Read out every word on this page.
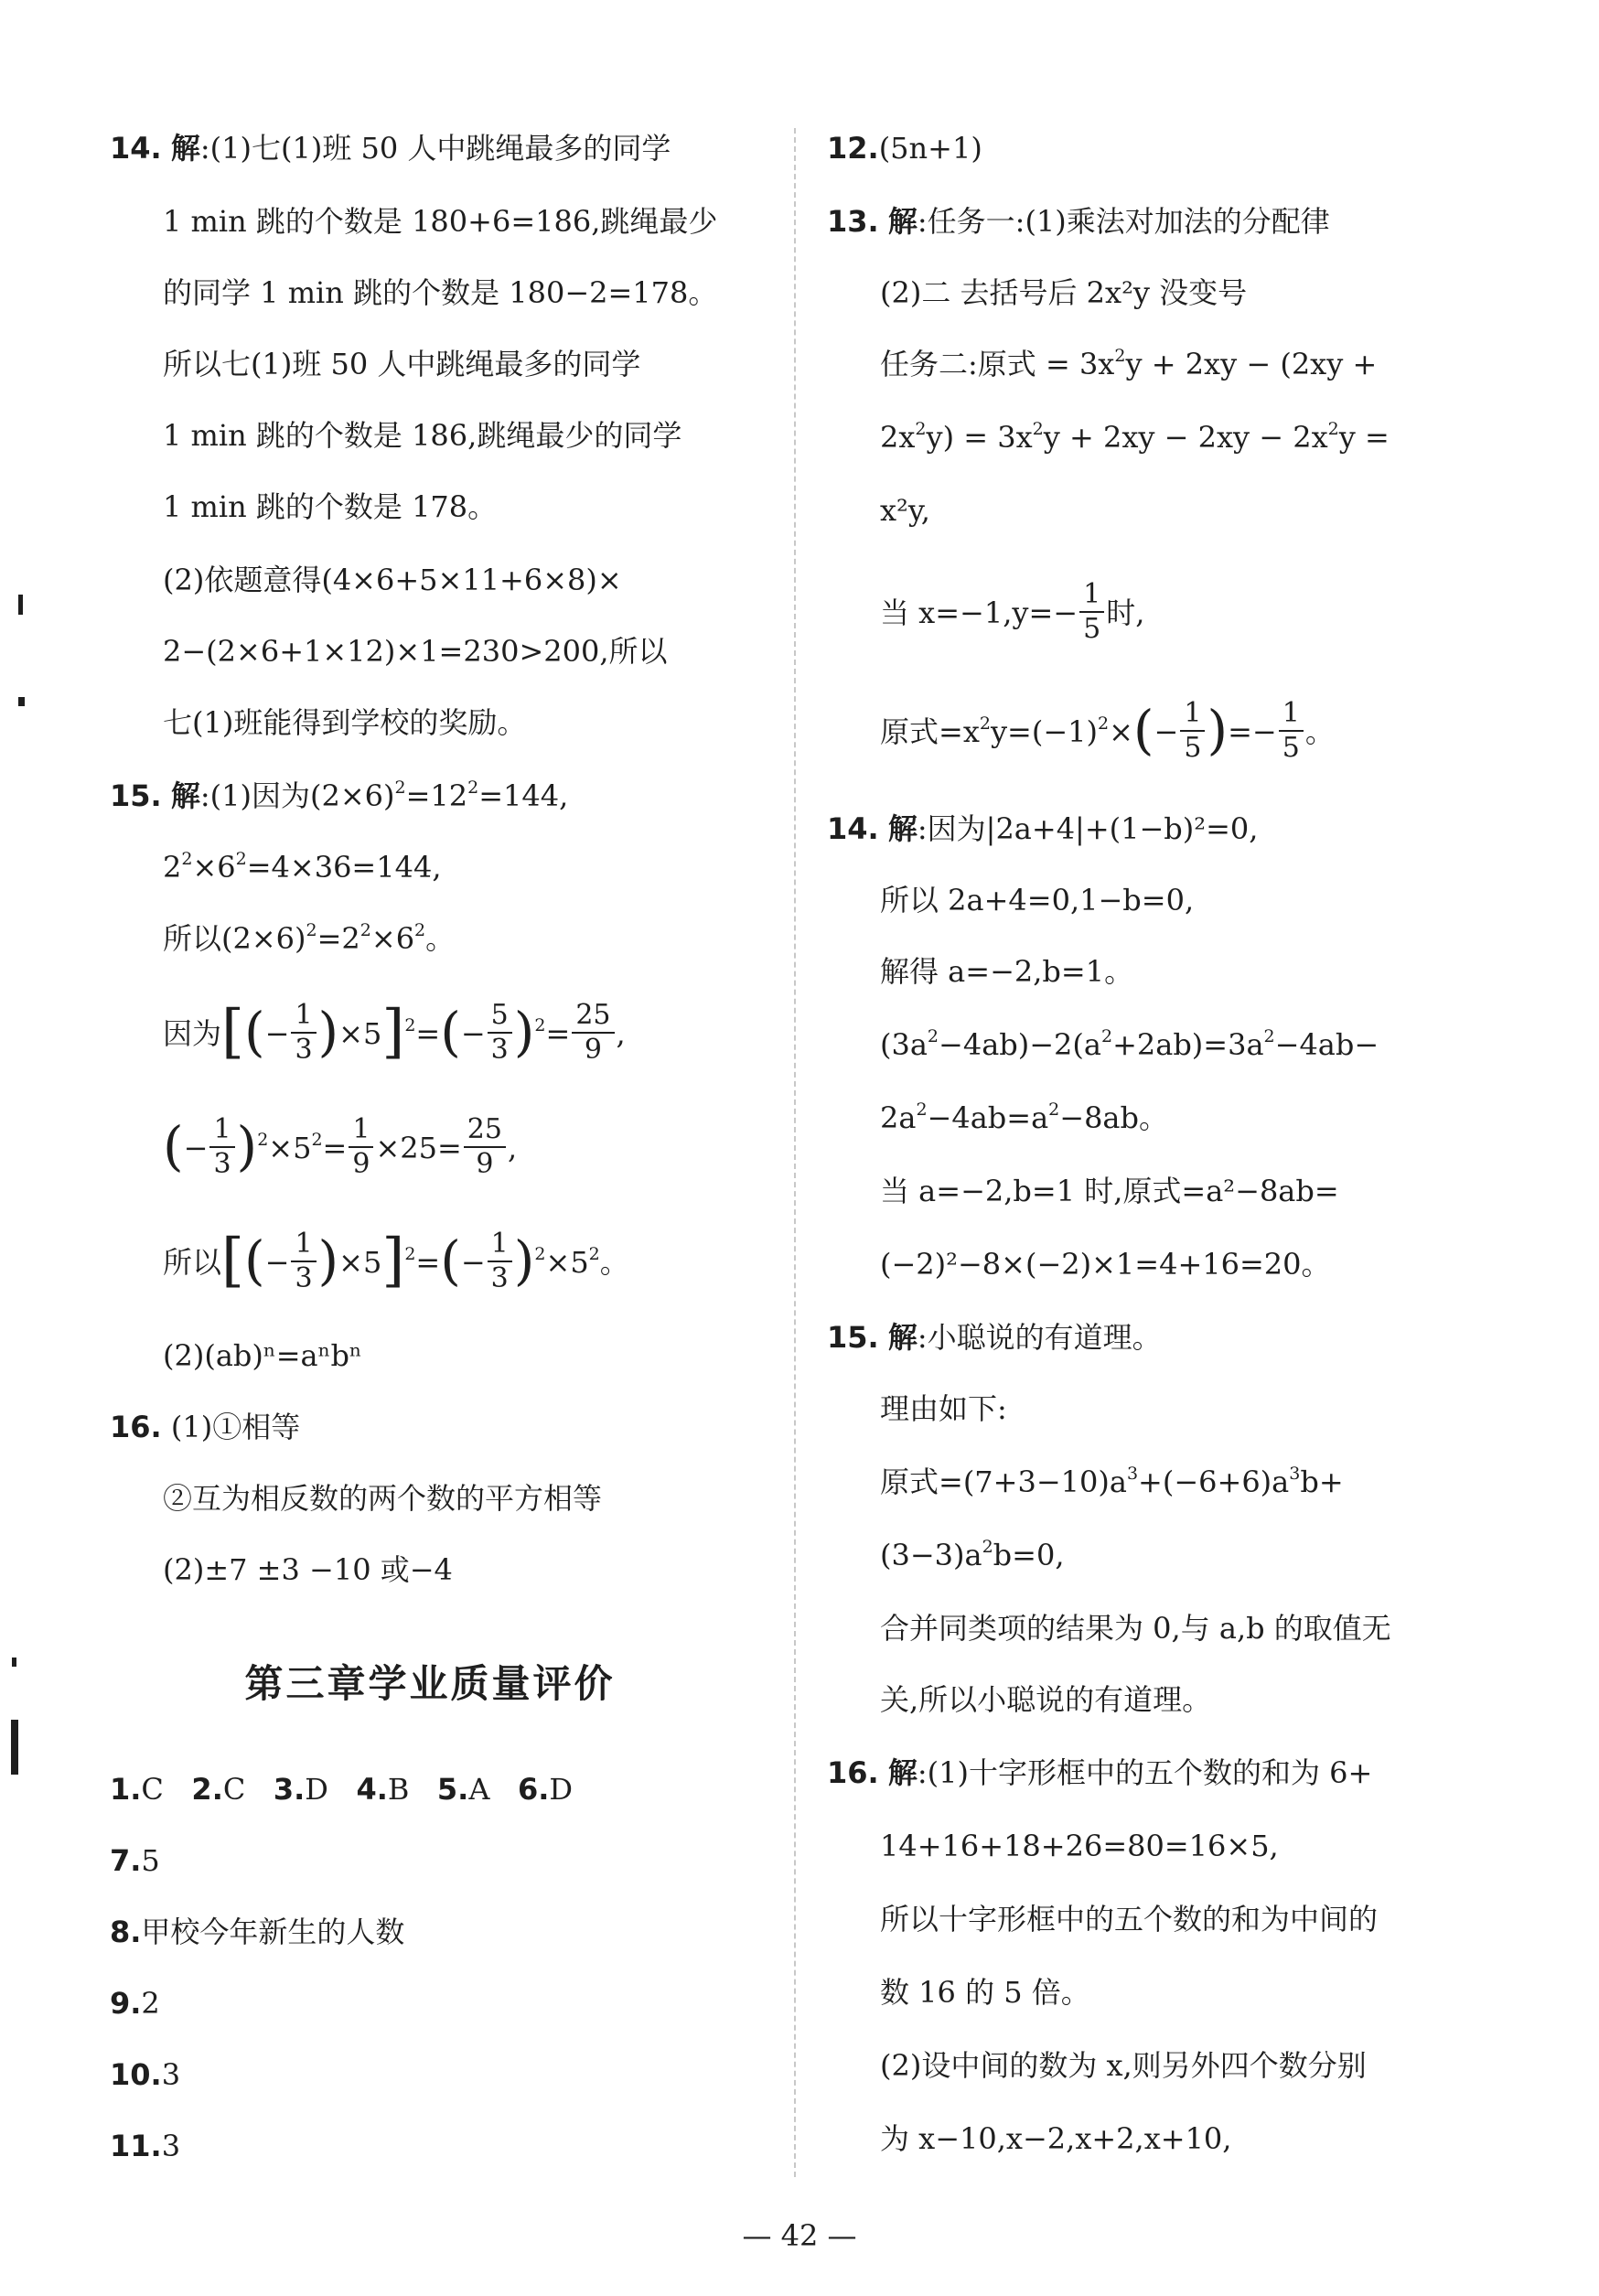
14. 解:(1)七(1)班 50 人中跳绳最多的同学
1 min 跳的个数是 180+6=186,跳绳最少
的同学 1 min 跳的个数是 180−2=178。
所以七(1)班 50 人中跳绳最多的同学
1 min 跳的个数是 186,跳绳最少的同学
1 min 跳的个数是 178。
(2)依题意得(4×6+5×11+6×8)×
2−(2×6+1×12)×1=230>200,所以
七(1)班能得到学校的奖励。
15. 解:(1)因为$(2\times 6)^2=12^2=144$,
$2^2\times 6^2=4\times 36=144$,
所以$(2\times 6)^2=2^2\times 6^2$。
因为[(− $\frac{1}{3} )\times 5]^2=(- \frac{5}{3} )^2= \frac{25}{9}$ ,
(− $\frac{1}{3} )^2\times 5^2= \frac{1}{9} \times 25= \frac{25}{9}$ ,
所以[(− $\frac{1}{3} )\times 5]^2=(- \frac{1}{3} )^2\times 5^2$。
(2)(ab)ⁿ=aⁿbⁿ
16. (1)①相等
②互为相反数的两个数的平方相等
(2)±7 ±3 −10 或−4
第三章学业质量评价
1.C 2.C 3.D 4.B 5.A 6.D
7.5
8.甲校今年新生的人数
9.2
10.3
11.3
12.(5n+1)
13. 解:任务一:(1)乘法对加法的分配律
(2)二 去括号后 2x²y 没变号
任务二:原式 = $3x^2y + 2xy - (2xy$ +
$2x^2y) = 3x^2y + 2xy - 2xy - 2x^2y$ =
x²y,
当 $x=-1,y=- \frac{1}{5}$ 时,
原式$=x^2y=(-1)^2\times(- \frac{1}{5}$ )=− $\frac{1}{5}$ 。
14. 解:因为|2a+4|+(1−b)²=0,
所以 2a+4=0,1−b=0,
解得 a=−2,b=1。
$(3a^2-4ab)-2(a^2+2ab)=3a^2-4ab-$
$2a^2-4ab=a^2-8ab$。
当 a=−2,b=1 时,原式=a²−8ab=
(−2)²−8×(−2)×1=4+16=20。
15. 解:小聪说的有道理。
理由如下:
原式$=(7+3-10)a^3+(-6+6)a^3b+$
$(3-3)a^2b=0$,
合并同类项的结果为 0,与 a,b 的取值无
关,所以小聪说的有道理。
16. 解:(1)十字形框中的五个数的和为 6+
14+16+18+26=80=16×5,
所以十字形框中的五个数的和为中间的
数 16 的 5 倍。
(2)设中间的数为 x,则另外四个数分别
为 x−10,x−2,x+2,x+10,
— 42 —
